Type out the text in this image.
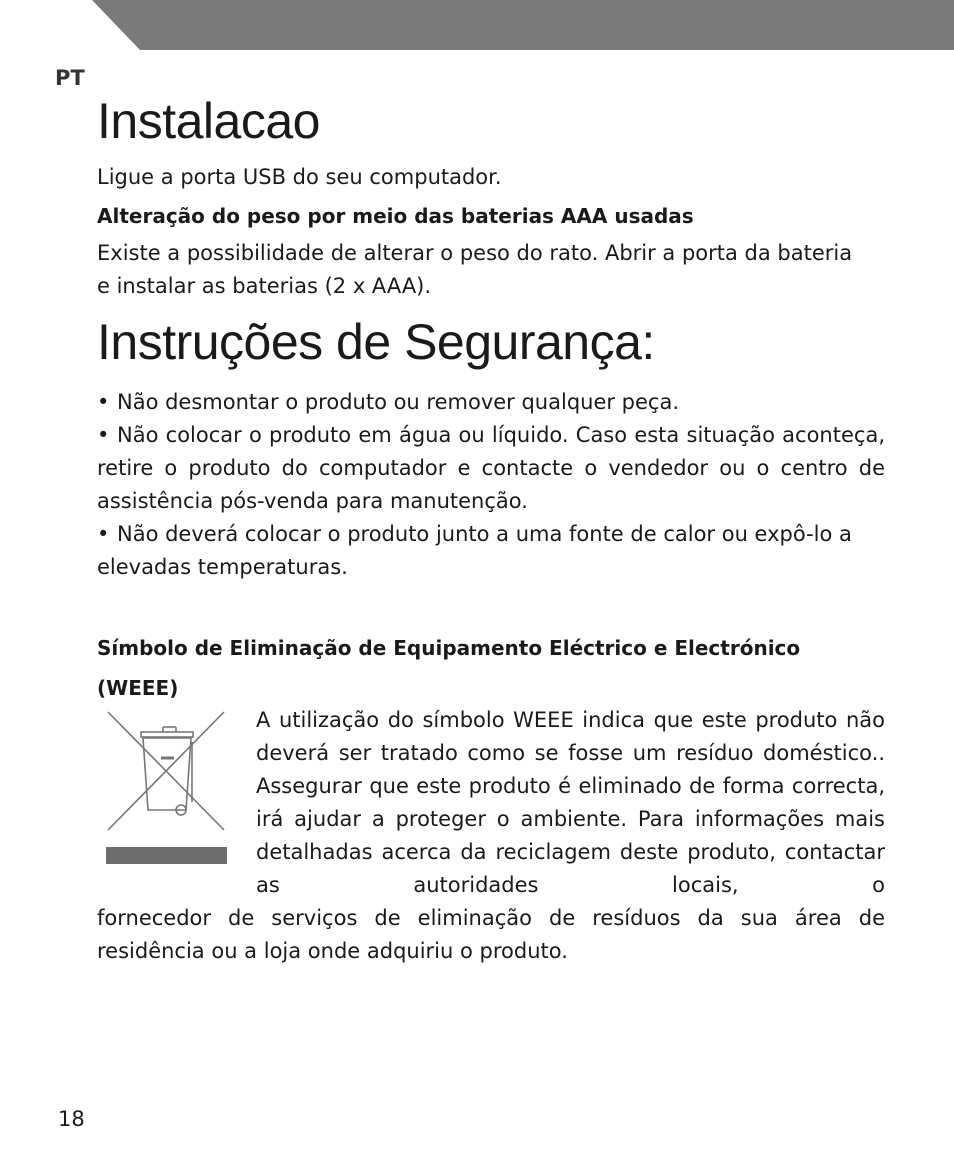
PT
Instalacao

Ligue a porta USB do seu computador.

Alteração do peso por meio das baterias AAA usadas

Existe a possibilidade de alterar o peso do rato. Abrir a porta da bateria

e instalar as baterias (2 x AAA).

Instruções de Segurança:

• Não desmontar o produto ou remover qualquer peça.

• Não colocar o produto em água ou líquido. Caso esta situação aconteça, retire o produto do computador e contacte o vendedor ou o centro de assistência pós-venda para manutenção.

• Não deverá colocar o produto junto a uma fonte de calor ou expô-lo a elevadas temperaturas.

Símbolo de Eliminação de Equipamento Eléctrico e Electrónico

(WEEE)

A utilização do símbolo WEEE indica que este produto não deverá ser tratado como se fosse um resíduo doméstico.. Assegurar que este produto é eliminado de forma correcta, irá ajudar a proteger o ambiente. Para informações mais detalhadas acerca da reciclagem deste produto, contactar as autoridades locais, o

fornecedor de serviços de eliminação de resíduos da sua área de residência ou a loja onde adquiriu o produto.

18
